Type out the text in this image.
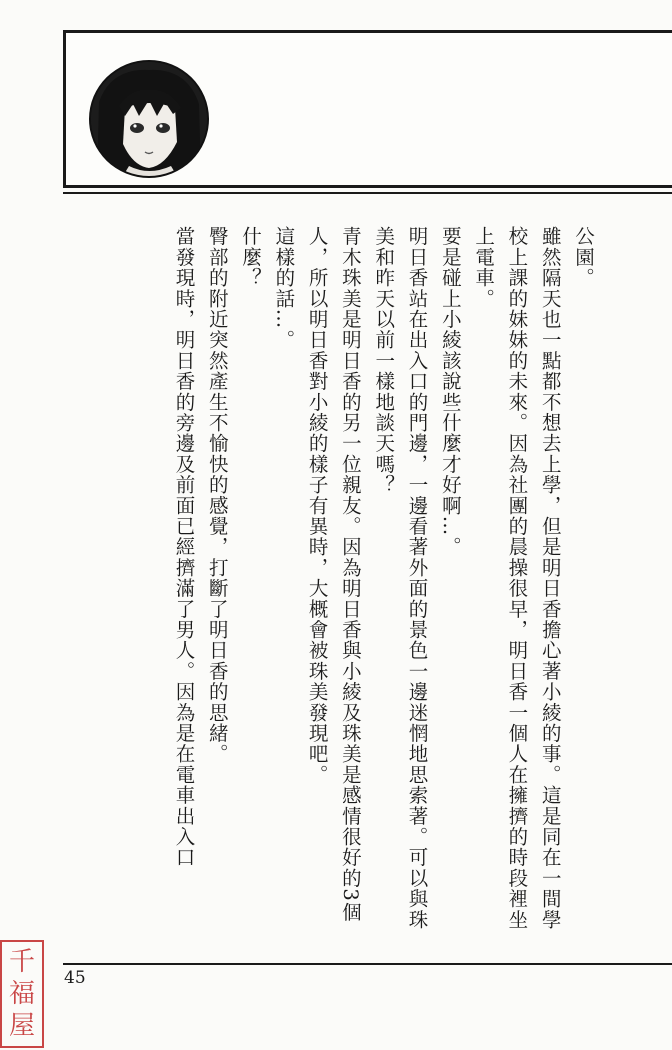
公園。

雖然隔天也一點都不想去上學，但是明日香擔心著小綾的事。這是同在一間學校上課的妹妹的未來。因為社團的晨操很早，明日香一個人在擁擠的時段裡坐上電車。

要是碰上小綾該說些什麼才好啊…。

明日香站在出入口的門邊，一邊看著外面的景色一邊迷惘地思索著。可以與珠美和昨天以前一樣地談天嗎？

青木珠美是明日香的另一位親友。因為明日香與小綾及珠美是感情很好的3個人，所以明日香對小綾的樣子有異時，大概會被珠美發現吧。

這樣的話…。

什麼？

臀部的附近突然產生不愉快的感覺，打斷了明日香的思緒。

當發現時，明日香的旁邊及前面已經擠滿了男人。因為是在電車出入口

45
千
福
屋
